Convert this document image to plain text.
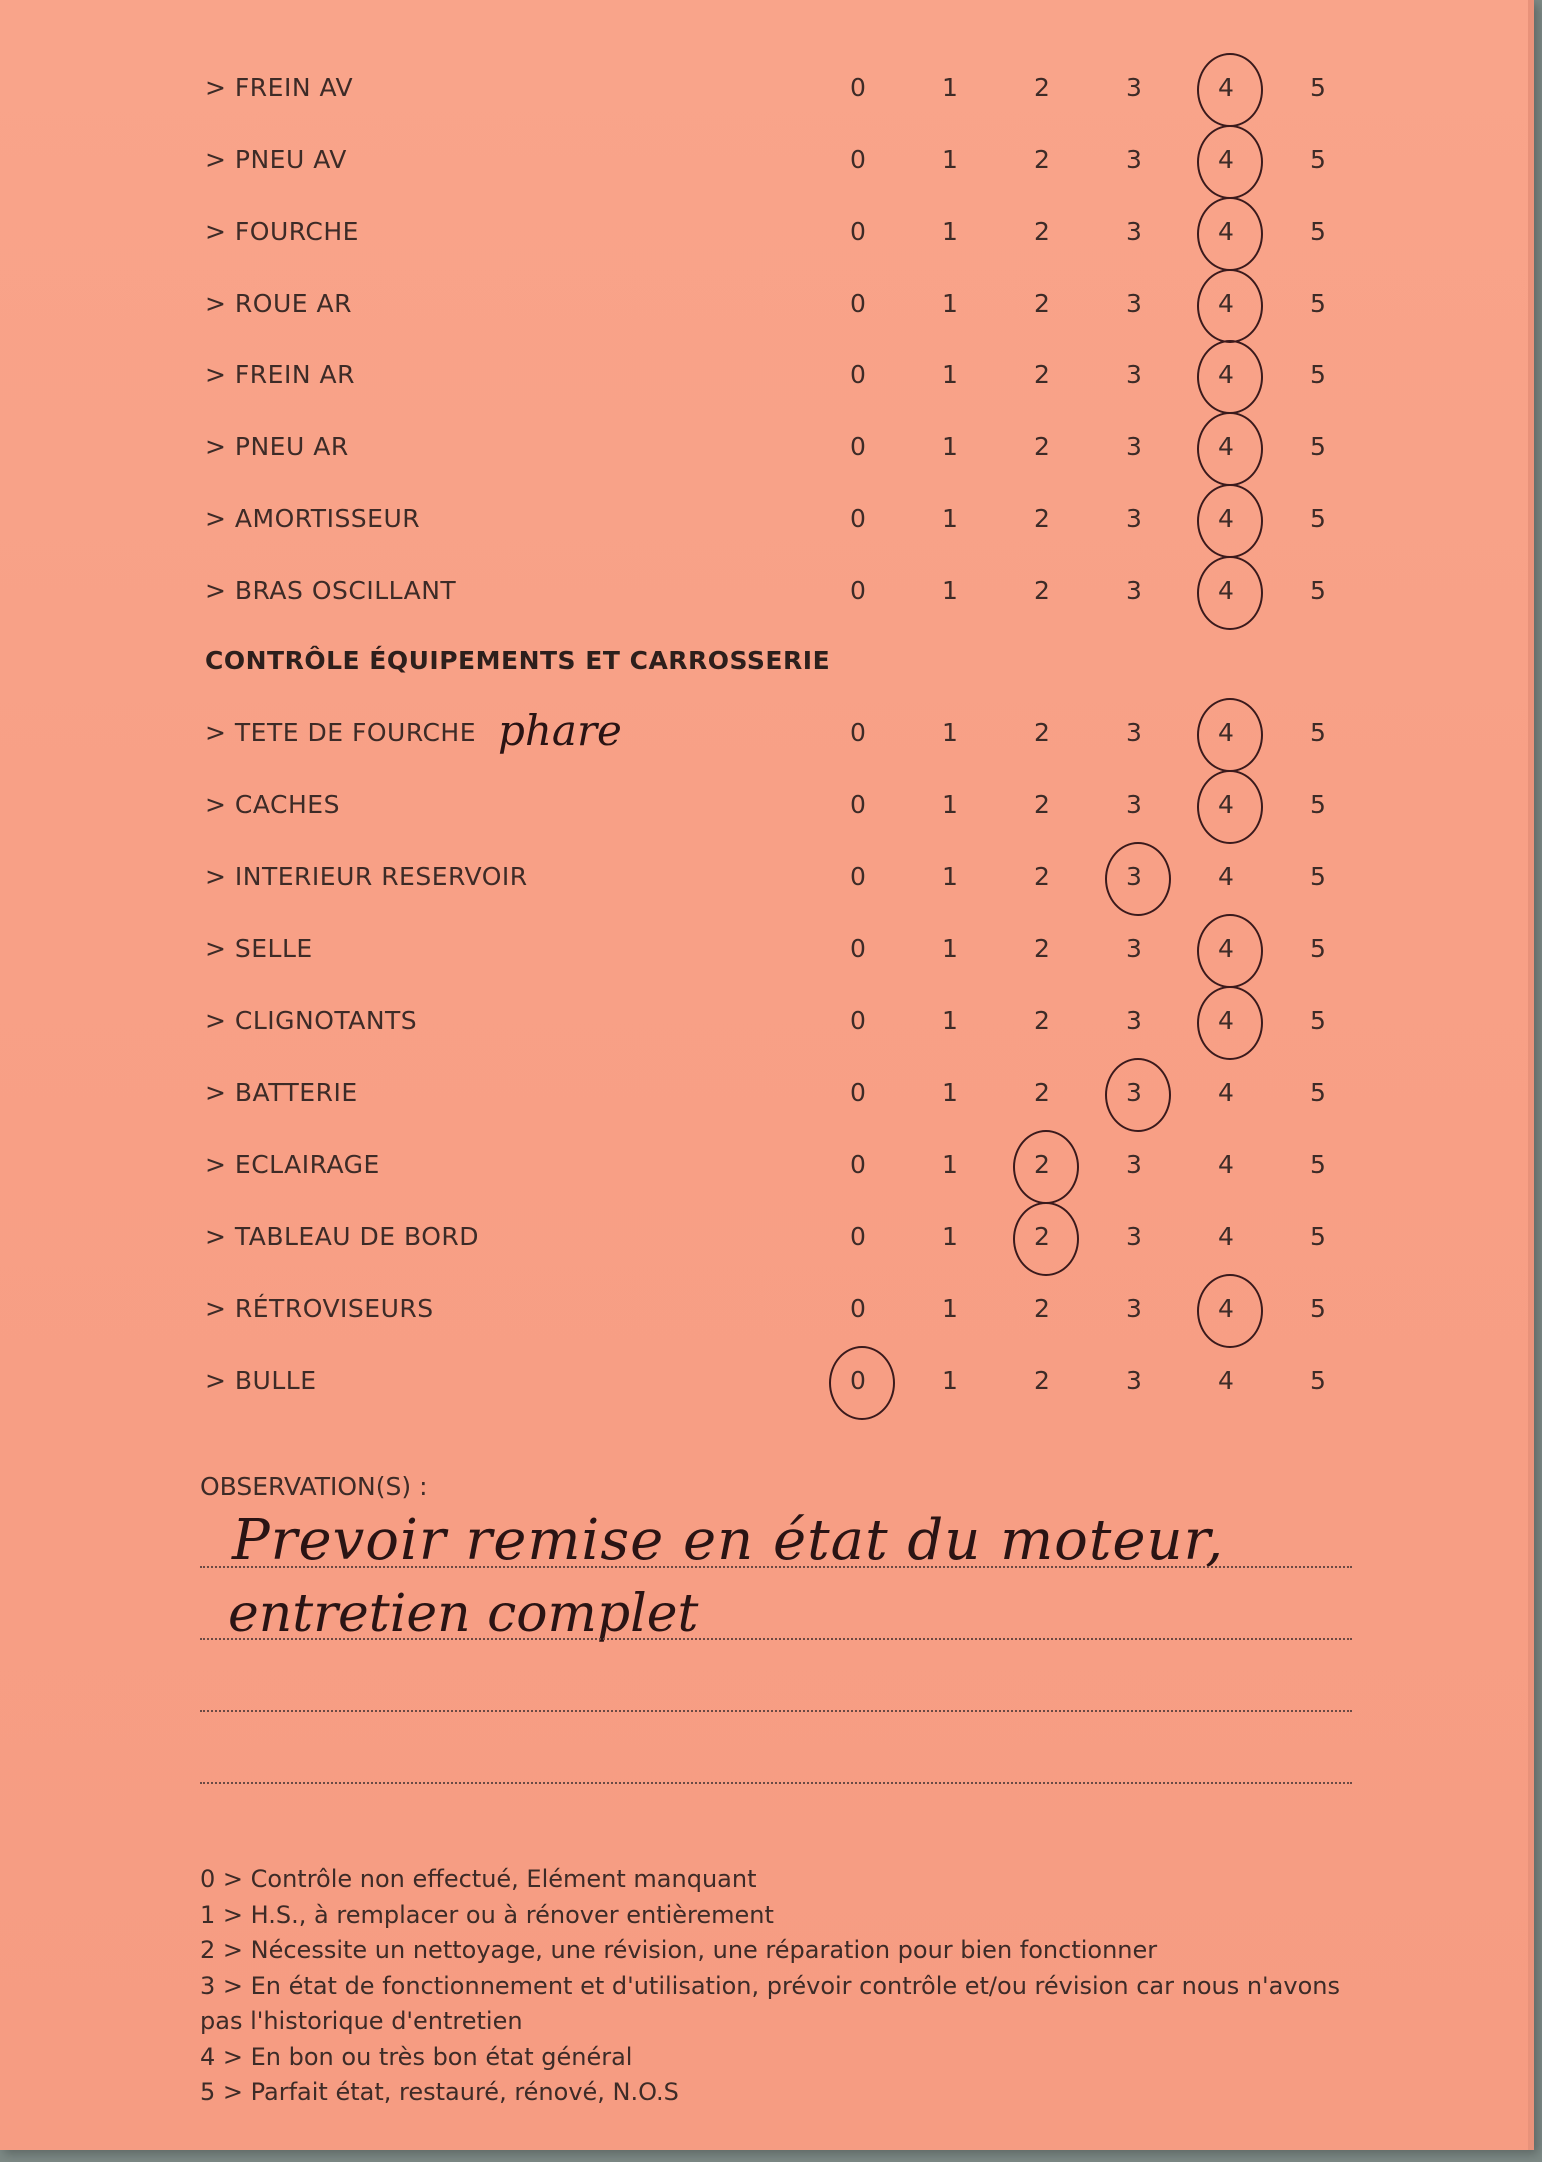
> FREIN AV	0	1	2	3	4	5
> PNEU AV	0	1	2	3	4	5
> FOURCHE	0	1	2	3	4	5
> ROUE AR	0	1	2	3	4	5
> FREIN AR	0	1	2	3	4	5
> PNEU AR	0	1	2	3	4	5
> AMORTISSEUR	0	1	2	3	4	5
> BRAS OSCILLANT	0	1	2	3	4	5
> TETE DE FOURCHE	0	1	2	3	4	5
> CACHES	0	1	2	3	4	5
> INTERIEUR RESERVOIR	0	1	2	3	4	5
> SELLE	0	1	2	3	4	5
> CLIGNOTANTS	0	1	2	3	4	5
> BATTERIE	0	1	2	3	4	5
> ECLAIRAGE	0	1	2	3	4	5
> TABLEAU DE BORD	0	1	2	3	4	5
> RÉTROVISEURS	0	1	2	3	4	5
> BULLE	0	1	2	3	4	5
CONTRÔLE ÉQUIPEMENTS ET CARROSSERIE
phare
OBSERVATION(S) :
Prevoir remise en état du moteur,
entretien complet
0 > Contrôle non effectué, Elément manquant
1 > H.S., à remplacer ou à rénover entièrement
2 > Nécessite un nettoyage, une révision, une réparation pour bien fonctionner
3 > En état de fonctionnement et d'utilisation, prévoir contrôle et/ou révision car nous n'avons pas l'historique d'entretien
4 > En bon ou très bon état général
5 > Parfait état, restauré, rénové, N.O.S
